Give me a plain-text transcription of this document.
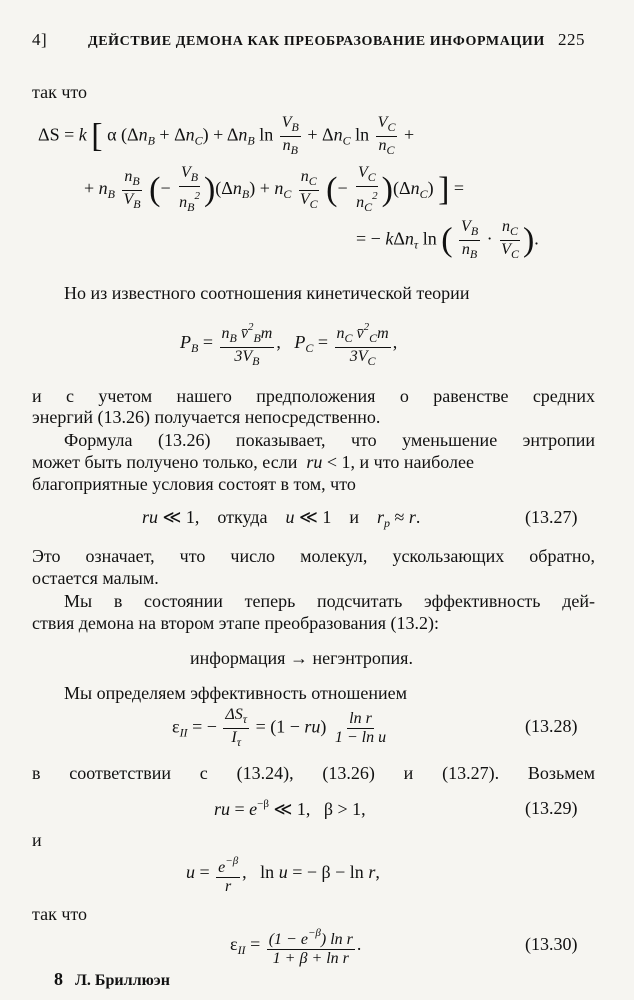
4]	ДЕЙСТВИЕ ДЕМОНА КАК ПРЕОБРАЗОВАНИЕ ИНФОРМАЦИИ 225
так что
ΔS = k [ α $(\Delta n_B + \Delta n_C) + \Delta n_B$ $\ln \frac{V_B}{n_B} + \Delta n_C$ $\ln \frac{V_C}{n_C}$ +
+ $n_B \frac{n_B}{V_B}$ (− $\frac{V_B}{n_B^2} )(\Delta n_B) + n_C \frac{n_C}{V_C}$ (− $\frac{V_C}{n_C^2} )(\Delta n_C)$ ] =
= − kΔn$_\tau$ ln ( $\frac{V_B}{n_B} \cdot \frac{n_C}{V_C}$ ).
Но из известного соотношения кинетической теории
$P_B = \frac{n_B v̄^2_Bm}{3V_B}$ ,   $P_C = \frac{n_C v̄^2_Cm}{3V_C}$ ,
и с учетом нашего предположения о равенстве средних
энергий (13.26) получается непосредственно.
Формула (13.26) показывает, что уменьшение энтропии
может быть получено только, если ru < 1, и что наиболее
благоприятные условия состоят в том, что
ru ≪ 1,    откуда u ≪ 1    и $r_p \approx r$.	(13.27)
Это означает, что число молекул, ускользающих обратно,
остается малым.
Мы в состоянии теперь подсчитать эффективность дей-
ствия демона на втором этапе преобразования (13.2):
информация → негэнтропия.
Мы определяем эффективность отношением
$\varepsilon_{II}$ = − $\frac{\Delta S_\tau}{I_\tau} = (1 - ru) \frac{\text{ln r}}{\text{1 − ln u}}$	(13.28)
в соответствии с (13.24), (13.26) и (13.27). Возьмем
ru = $e^{-\beta}$ ≪ 1,   β > 1,	(13.29)
и
$u = \frac{e^{-\beta}}{r}$ ,   ln u = − β − ln r,
так что
$\varepsilon_{II} = \frac{(1 - e^{-\beta}) \ln r}{\text{1 + β + ln r}}$ .	(13.30)
8 Л. Бриллюэн
